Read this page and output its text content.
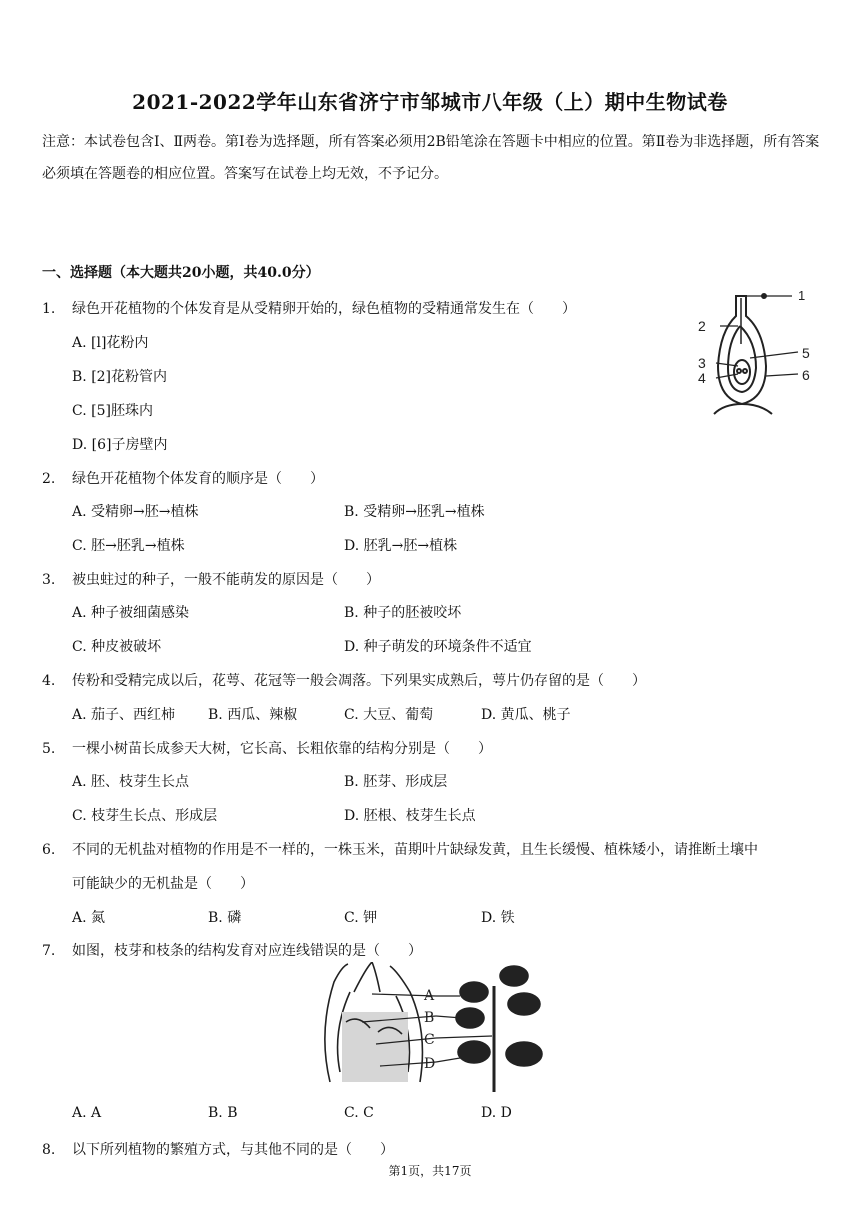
2021-2022学年山东省济宁市邹城市八年级（上）期中生物试卷
注意：本试卷包含Ⅰ、Ⅱ两卷。第Ⅰ卷为选择题，所有答案必须用2B铅笔涂在答题卡中相应的位置。第Ⅱ卷为非选择题，所有答案必须填在答题卷的相应位置。答案写在试卷上均无效，不予记分。
一、选择题（本大题共20小题，共40.0分）
1. 绿色开花植物的个体发育是从受精卵开始的，绿色植物的受精通常发生在（　　）
A. [l]花粉内
B. [2]花粉管内
C. [5]胚珠内
D. [6]子房壁内
1
2
3
4
5
6
2. 绿色开花植物个体发育的顺序是（　　）
A. 受精卵→胚→植株	B. 受精卵→胚乳→植株
C. 胚→胚乳→植株	D. 胚乳→胚→植株
3. 被虫蛀过的种子，一般不能萌发的原因是（　　）
A. 种子被细菌感染	B. 种子的胚被咬坏
C. 种皮被破坏	D. 种子萌发的环境条件不适宜
4. 传粉和受精完成以后，花萼、花冠等一般会凋落。下列果实成熟后，萼片仍存留的是（　　）
A. 茄子、西红柿 B. 西瓜、辣椒	C. 大豆、葡萄	D. 黄瓜、桃子
5. 一棵小树苗长成参天大树，它长高、长粗依靠的结构分别是（　　）
A. 胚、枝芽生长点	B. 胚芽、形成层
C. 枝芽生长点、形成层	D. 胚根、枝芽生长点
6. 不同的无机盐对植物的作用是不一样的，一株玉米，苗期叶片缺绿发黄，且生长缓慢、植株矮小，请推断土壤中
可能缺少的无机盐是（　　）
A. 氮	B. 磷	C. 钾	D. 铁
7. 如图，枝芽和枝条的结构发育对应连线错误的是（　　）
A
B
C
D
A. A	B. B	C. C	D. D
8. 以下所列植物的繁殖方式，与其他不同的是（　　）
第1页，共17页
